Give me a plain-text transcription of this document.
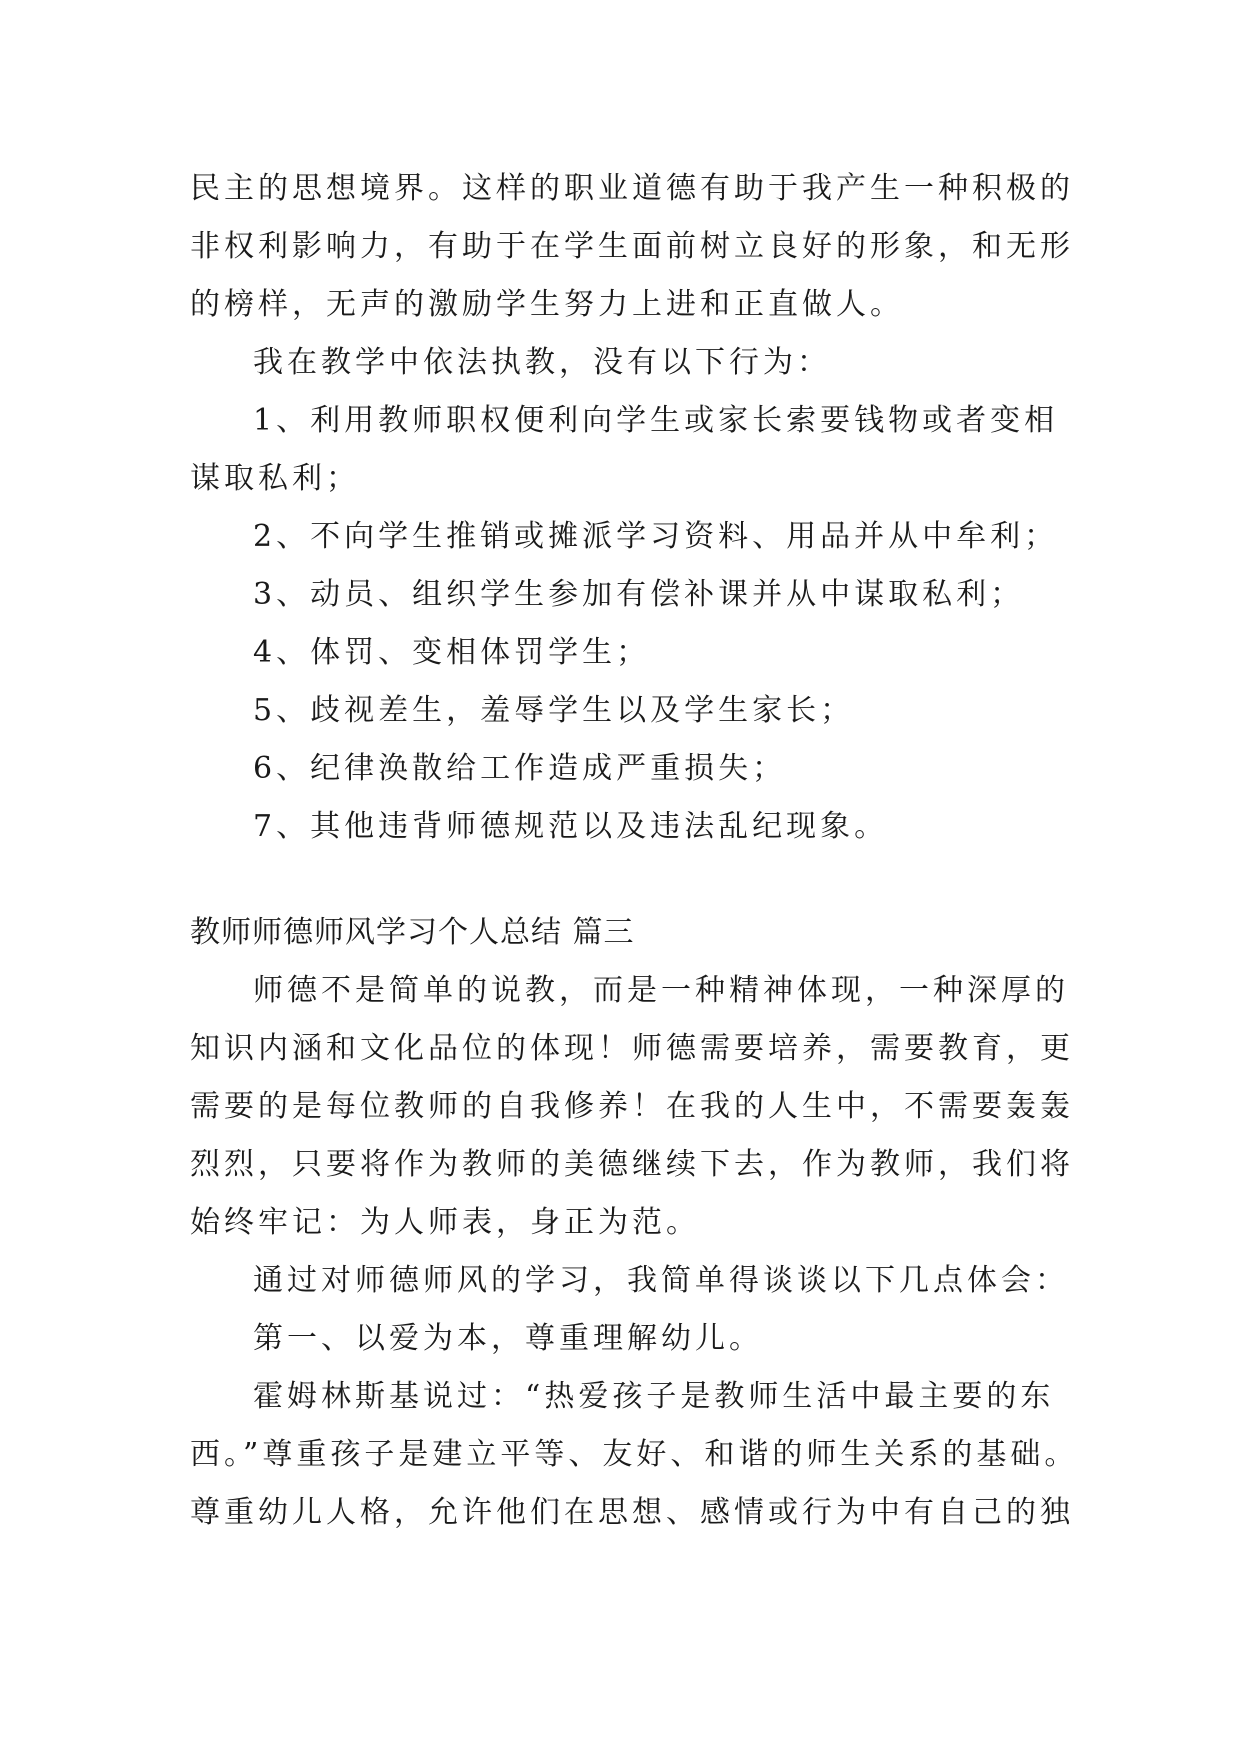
民主的思想境界。这样的职业道德有助于我产生一种积极的
非权利影响力，有助于在学生面前树立良好的形象，和无形
的榜样，无声的激励学生努力上进和正直做人。
我在教学中依法执教，没有以下行为：
1、利用教师职权便利向学生或家长索要钱物或者变相
谋取私利；
2、不向学生推销或摊派学习资料、用品并从中牟利；
3、动员、组织学生参加有偿补课并从中谋取私利；
4、体罚、变相体罚学生；
5、歧视差生，羞辱学生以及学生家长；
6、纪律涣散给工作造成严重损失；
7、其他违背师德规范以及违法乱纪现象。
教师师德师风学习个人总结 篇三
师德不是简单的说教，而是一种精神体现，一种深厚的
知识内涵和文化品位的体现！师德需要培养，需要教育，更
需要的是每位教师的自我修养！在我的人生中，不需要轰轰
烈烈，只要将作为教师的美德继续下去，作为教师，我们将
始终牢记：为人师表，身正为范。
通过对师德师风的学习，我简单得谈谈以下几点体会：
第一、以爱为本，尊重理解幼儿。
霍姆林斯基说过：“热爱孩子是教师生活中最主要的东
西。”尊重孩子是建立平等、友好、和谐的师生关系的基础。
尊重幼儿人格，允许他们在思想、感情或行为中有自己的独
